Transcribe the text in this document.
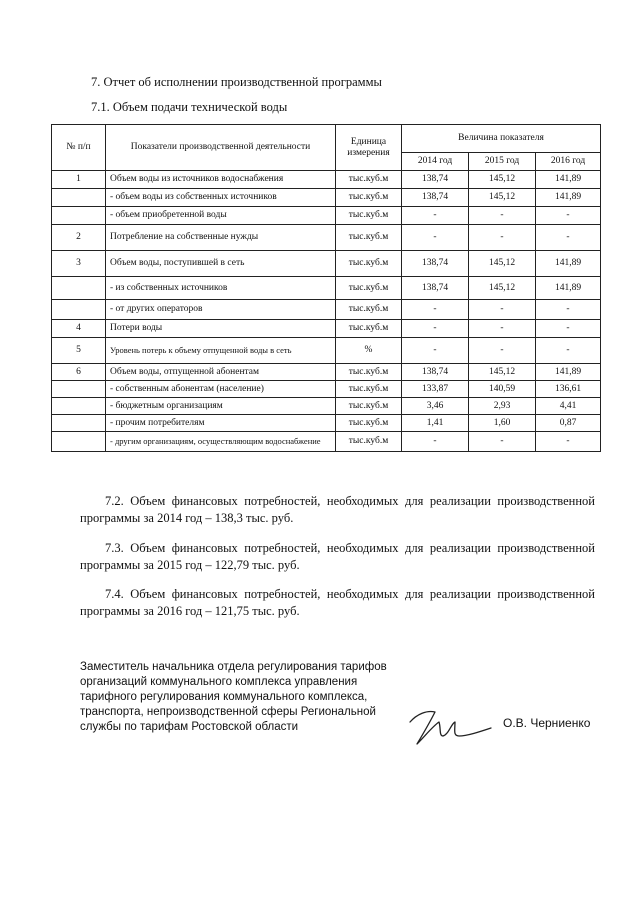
7. Отчет об исполнении производственной программы
7.1. Объем подачи технической воды
№ п/п	Показатели производственной деятельности	Единица измерения	Величина показателя		
			2014 год	2015 год	2016 год
1	Объем воды из источников водоснабжения	тыс.куб.м	138,74	145,12	141,89
	- объем воды из собственных источников	тыс.куб.м	138,74	145,12	141,89
	- объем приобретенной воды	тыс.куб.м	-	-	-
2	Потребление на собственные нужды	тыс.куб.м	-	-	-
3	Объем воды, поступившей в сеть	тыс.куб.м	138,74	145,12	141,89
	- из собственных источников	тыс.куб.м	138,74	145,12	141,89
	- от других операторов	тыс.куб.м	-	-	-
4	Потери воды	тыс.куб.м	-	-	-
5	Уровень потерь к объему отпущенной воды в сеть	%	-	-	-
6	Объем воды, отпущенной абонентам	тыс.куб.м	138,74	145,12	141,89
	- собственным абонентам (население)	тыс.куб.м	133,87	140,59	136,61
	- бюджетным организациям	тыс.куб.м	3,46	2,93	4,41
	- прочим потребителям	тыс.куб.м	1,41	1,60	0,87
	- другим организациям, осуществляющим водоснабжение	тыс.куб.м	-	-	-

7.2. Объем финансовых потребностей, необходимых для реализации производственной программы за 2014 год – 138,3 тыс. руб.

7.3. Объем финансовых потребностей, необходимых для реализации производственной программы за 2015 год – 122,79 тыс. руб.

7.4. Объем финансовых потребностей, необходимых для реализации производственной программы за 2016 год – 121,75 тыс. руб.

Заместитель начальника отдела регулирования тарифов
организаций коммунального комплекса управления
тарифного регулирования коммунального комплекса,
транспорта, непроизводственной сферы Региональной
службы по тарифам Ростовской области	О.В. Черниенко
